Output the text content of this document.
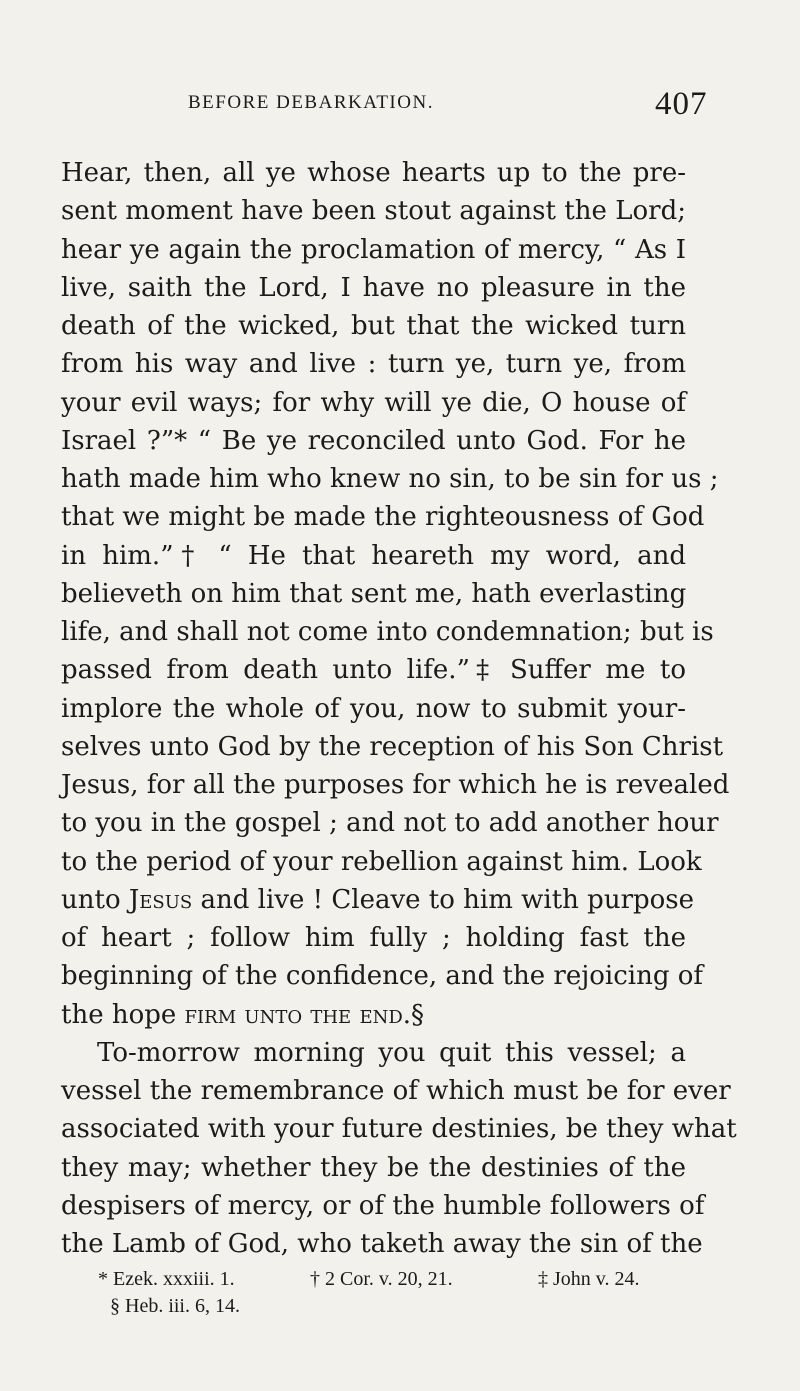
BEFORE DEBARKATION.	407
Hear, then, all ye whose hearts up to the pre-
sent moment have been stout against the Lord;
hear ye again the proclamation of mercy, “ As I
live, saith the Lord, I have no pleasure in the
death of the wicked, but that the wicked turn
from his way and live : turn ye, turn ye, from
your evil ways; for why will ye die, O house of
Israel ?”* “ Be ye reconciled unto God. For he
hath made him who knew no sin, to be sin for us ;
that we might be made the righteousness of God
in him.”† “ He that heareth my word, and
believeth on him that sent me, hath everlasting
life, and shall not come into condemnation; but is
passed from death unto life.”‡ Suffer me to
implore the whole of you, now to submit your-
selves unto God by the reception of his Son Christ
Jesus, for all the purposes for which he is revealed
to you in the gospel ; and not to add another hour
to the period of your rebellion against him. Look
unto Jesus and live ! Cleave to him with purpose
of heart ; follow him fully ; holding fast the
beginning of the confidence, and the rejoicing of
the hope firm unto the end.§
To-morrow morning you quit this vessel; a
vessel the remembrance of which must be for ever
associated with your future destinies, be they what
they may; whether they be the destinies of the
despisers of mercy, or of the humble followers of
the Lamb of God, who taketh away the sin of the
* Ezek. xxxiii. 1.	† 2 Cor. v. 20, 21.	‡ John v. 24.
§ Heb. iii. 6, 14.
